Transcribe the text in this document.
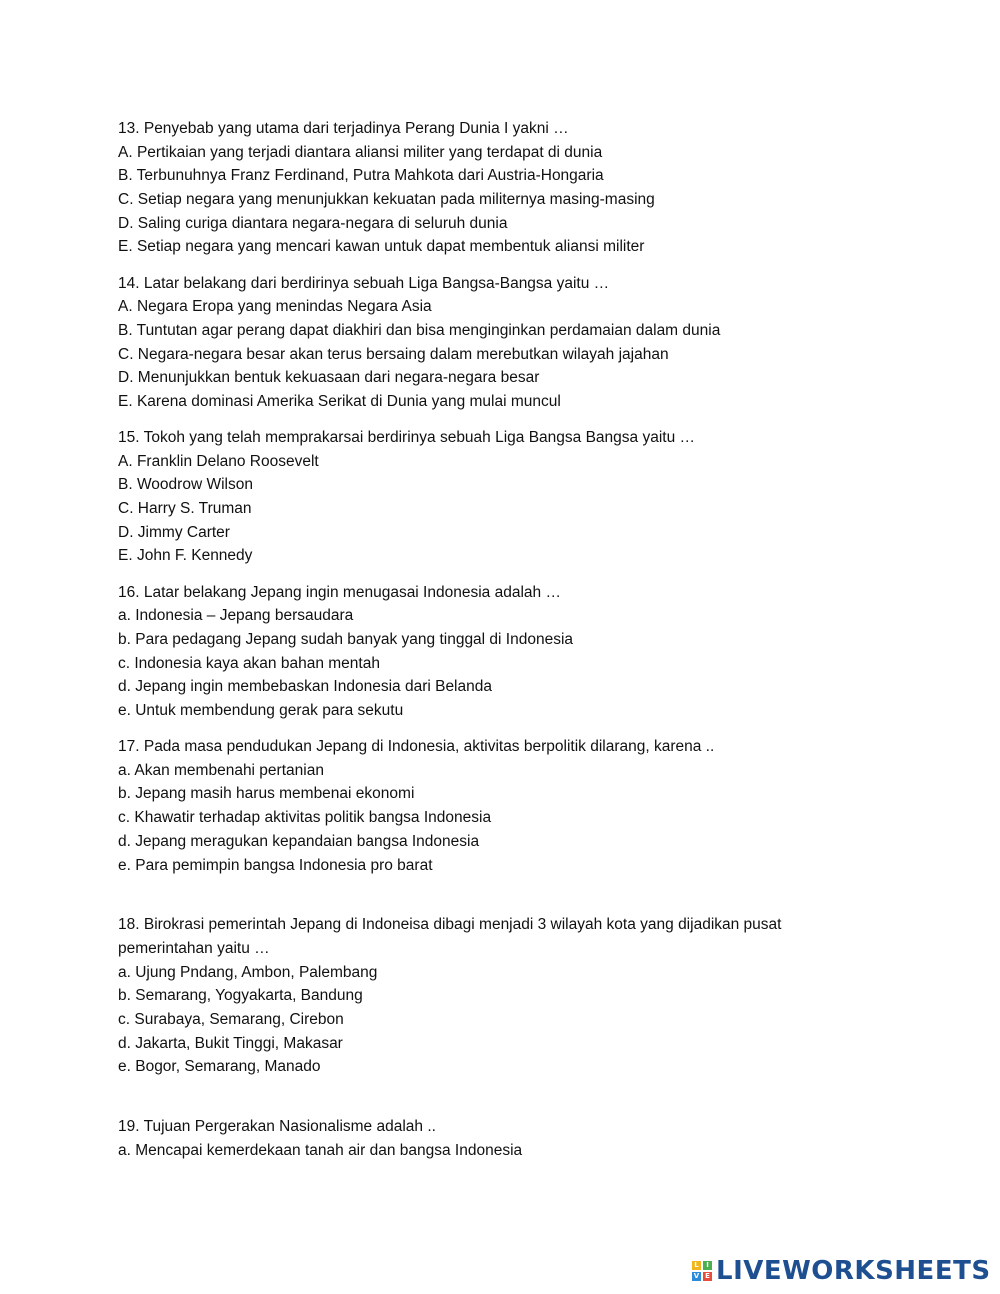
13. Penyebab yang utama dari terjadinya Perang Dunia I yakni …
A. Pertikaian yang terjadi diantara aliansi militer yang terdapat di dunia
B. Terbunuhnya Franz Ferdinand, Putra Mahkota dari Austria-Hongaria
C. Setiap negara yang menunjukkan kekuatan pada militernya masing-masing
D. Saling curiga diantara negara-negara di seluruh dunia
E. Setiap negara yang mencari kawan untuk dapat membentuk aliansi militer
14. Latar belakang dari berdirinya sebuah Liga Bangsa-Bangsa yaitu …
A. Negara Eropa yang menindas Negara Asia
B. Tuntutan agar perang dapat diakhiri dan bisa menginginkan perdamaian dalam dunia
C. Negara-negara besar akan terus bersaing dalam merebutkan wilayah jajahan
D. Menunjukkan bentuk kekuasaan dari negara-negara besar
E. Karena dominasi Amerika Serikat di Dunia yang mulai muncul
15. Tokoh yang telah memprakarsai berdirinya sebuah Liga Bangsa Bangsa yaitu …
A. Franklin Delano Roosevelt
B. Woodrow Wilson
C. Harry S. Truman
D. Jimmy Carter
E. John F. Kennedy
16. Latar belakang Jepang ingin menugasai Indonesia adalah …
a. Indonesia – Jepang bersaudara
b. Para pedagang Jepang sudah banyak yang tinggal di Indonesia
c. Indonesia kaya akan bahan mentah
d. Jepang ingin membebaskan Indonesia dari Belanda
e. Untuk membendung gerak para sekutu
17. Pada masa pendudukan Jepang di Indonesia, aktivitas berpolitik dilarang, karena ..
a. Akan membenahi pertanian
b. Jepang masih harus membenai ekonomi
c. Khawatir terhadap aktivitas politik bangsa Indonesia
d. Jepang meragukan kepandaian bangsa Indonesia
e. Para pemimpin bangsa Indonesia pro barat
18. Birokrasi pemerintah Jepang di Indoneisa dibagi menjadi 3 wilayah kota yang dijadikan pusat pemerintahan yaitu …
a. Ujung Pndang, Ambon, Palembang
b. Semarang, Yogyakarta, Bandung
c. Surabaya, Semarang, Cirebon
d. Jakarta, Bukit Tinggi, Makasar
e. Bogor, Semarang, Manado
19. Tujuan Pergerakan Nasionalisme adalah ..
a. Mencapai kemerdekaan tanah air dan bangsa Indonesia
L	I
V E LIVEWORKSHEETS
